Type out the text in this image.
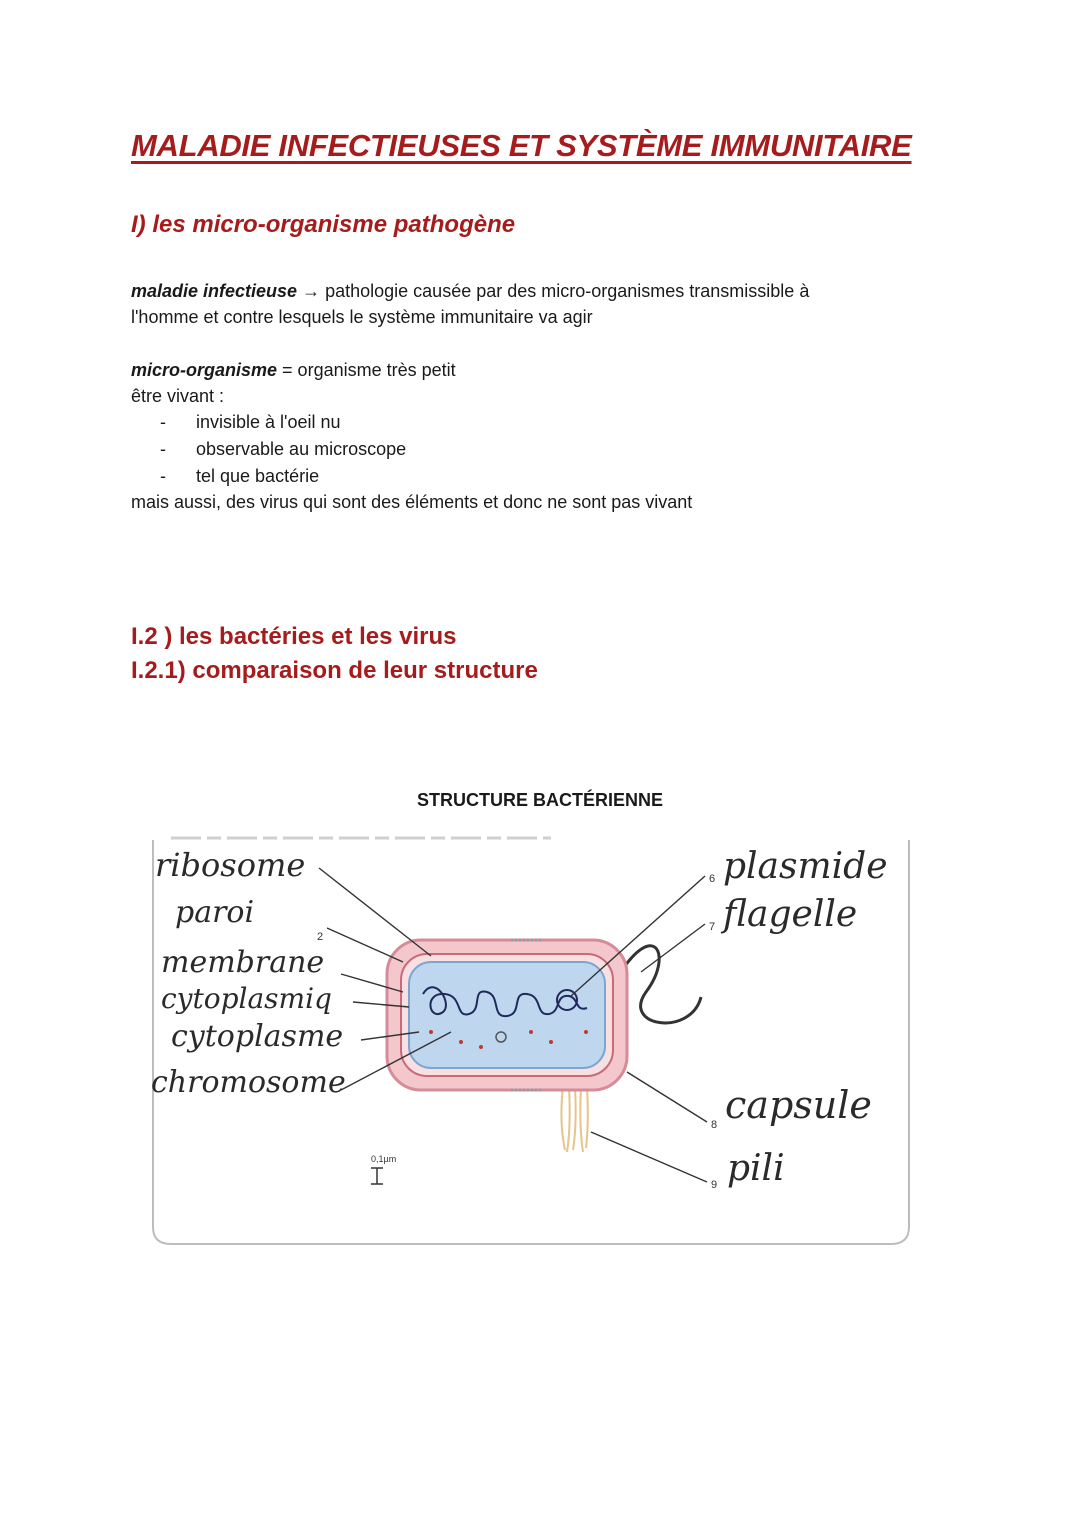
MALADIE INFECTIEUSES ET SYSTÈME IMMUNITAIRE
I) les micro-organisme pathogène

maladie infectieuse → pathologie causée par des micro-organismes transmissible à
l'homme et contre lesquels le système immunitaire va agir

micro-organisme = organisme très petit
être vivant :

- invisible à l'oeil nu
- observable au microscope
- tel que bactérie

mais aussi, des virus qui sont des éléments et donc ne sont pas vivant

I.2 ) les bactéries et les virus
I.2.1) comparaison de leur structure

STRUCTURE BACTÉRIENNE

ribosome
paroi
2
membrane
cytoplasmiq
cytoplasme
chromosome
6 plasmide
7 flagelle
8 capsule
9 pili
0,1µm
